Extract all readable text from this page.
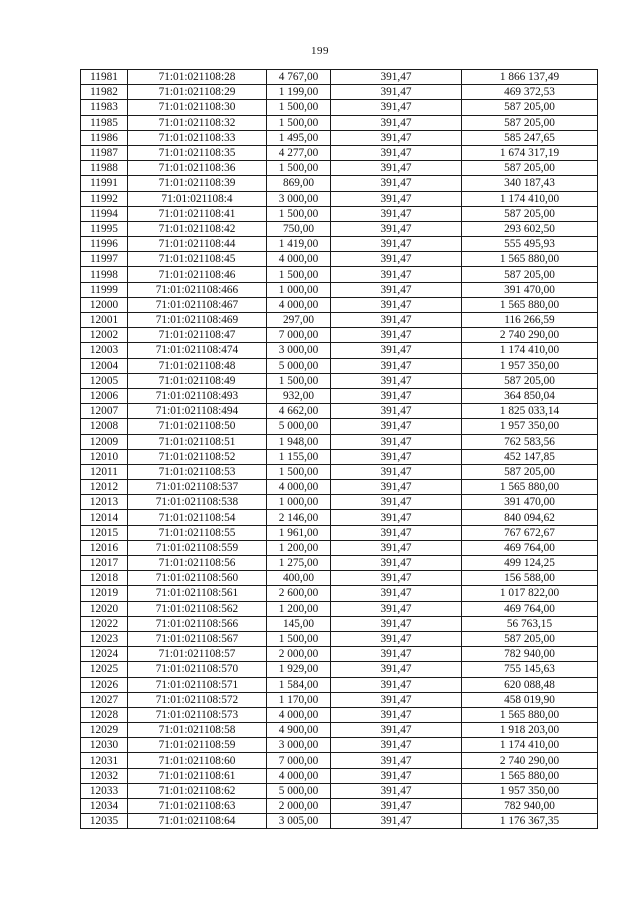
199
11981	71:01:021108:28	4 767,00	391,47	1 866 137,49
11982	71:01:021108:29	1 199,00	391,47	469 372,53
11983	71:01:021108:30	1 500,00	391,47	587 205,00
11985	71:01:021108:32	1 500,00	391,47	587 205,00
11986	71:01:021108:33	1 495,00	391,47	585 247,65
11987	71:01:021108:35	4 277,00	391,47	1 674 317,19
11988	71:01:021108:36	1 500,00	391,47	587 205,00
11991	71:01:021108:39	869,00	391,47	340 187,43
11992	71:01:021108:4	3 000,00	391,47	1 174 410,00
11994	71:01:021108:41	1 500,00	391,47	587 205,00
11995	71:01:021108:42	750,00	391,47	293 602,50
11996	71:01:021108:44	1 419,00	391,47	555 495,93
11997	71:01:021108:45	4 000,00	391,47	1 565 880,00
11998	71:01:021108:46	1 500,00	391,47	587 205,00
11999	71:01:021108:466	1 000,00	391,47	391 470,00
12000	71:01:021108:467	4 000,00	391,47	1 565 880,00
12001	71:01:021108:469	297,00	391,47	116 266,59
12002	71:01:021108:47	7 000,00	391,47	2 740 290,00
12003	71:01:021108:474	3 000,00	391,47	1 174 410,00
12004	71:01:021108:48	5 000,00	391,47	1 957 350,00
12005	71:01:021108:49	1 500,00	391,47	587 205,00
12006	71:01:021108:493	932,00	391,47	364 850,04
12007	71:01:021108:494	4 662,00	391,47	1 825 033,14
12008	71:01:021108:50	5 000,00	391,47	1 957 350,00
12009	71:01:021108:51	1 948,00	391,47	762 583,56
12010	71:01:021108:52	1 155,00	391,47	452 147,85
12011	71:01:021108:53	1 500,00	391,47	587 205,00
12012	71:01:021108:537	4 000,00	391,47	1 565 880,00
12013	71:01:021108:538	1 000,00	391,47	391 470,00
12014	71:01:021108:54	2 146,00	391,47	840 094,62
12015	71:01:021108:55	1 961,00	391,47	767 672,67
12016	71:01:021108:559	1 200,00	391,47	469 764,00
12017	71:01:021108:56	1 275,00	391,47	499 124,25
12018	71:01:021108:560	400,00	391,47	156 588,00
12019	71:01:021108:561	2 600,00	391,47	1 017 822,00
12020	71:01:021108:562	1 200,00	391,47	469 764,00
12022	71:01:021108:566	145,00	391,47	56 763,15
12023	71:01:021108:567	1 500,00	391,47	587 205,00
12024	71:01:021108:57	2 000,00	391,47	782 940,00
12025	71:01:021108:570	1 929,00	391,47	755 145,63
12026	71:01:021108:571	1 584,00	391,47	620 088,48
12027	71:01:021108:572	1 170,00	391,47	458 019,90
12028	71:01:021108:573	4 000,00	391,47	1 565 880,00
12029	71:01:021108:58	4 900,00	391,47	1 918 203,00
12030	71:01:021108:59	3 000,00	391,47	1 174 410,00
12031	71:01:021108:60	7 000,00	391,47	2 740 290,00
12032	71:01:021108:61	4 000,00	391,47	1 565 880,00
12033	71:01:021108:62	5 000,00	391,47	1 957 350,00
12034	71:01:021108:63	2 000,00	391,47	782 940,00
12035	71:01:021108:64	3 005,00	391,47	1 176 367,35
